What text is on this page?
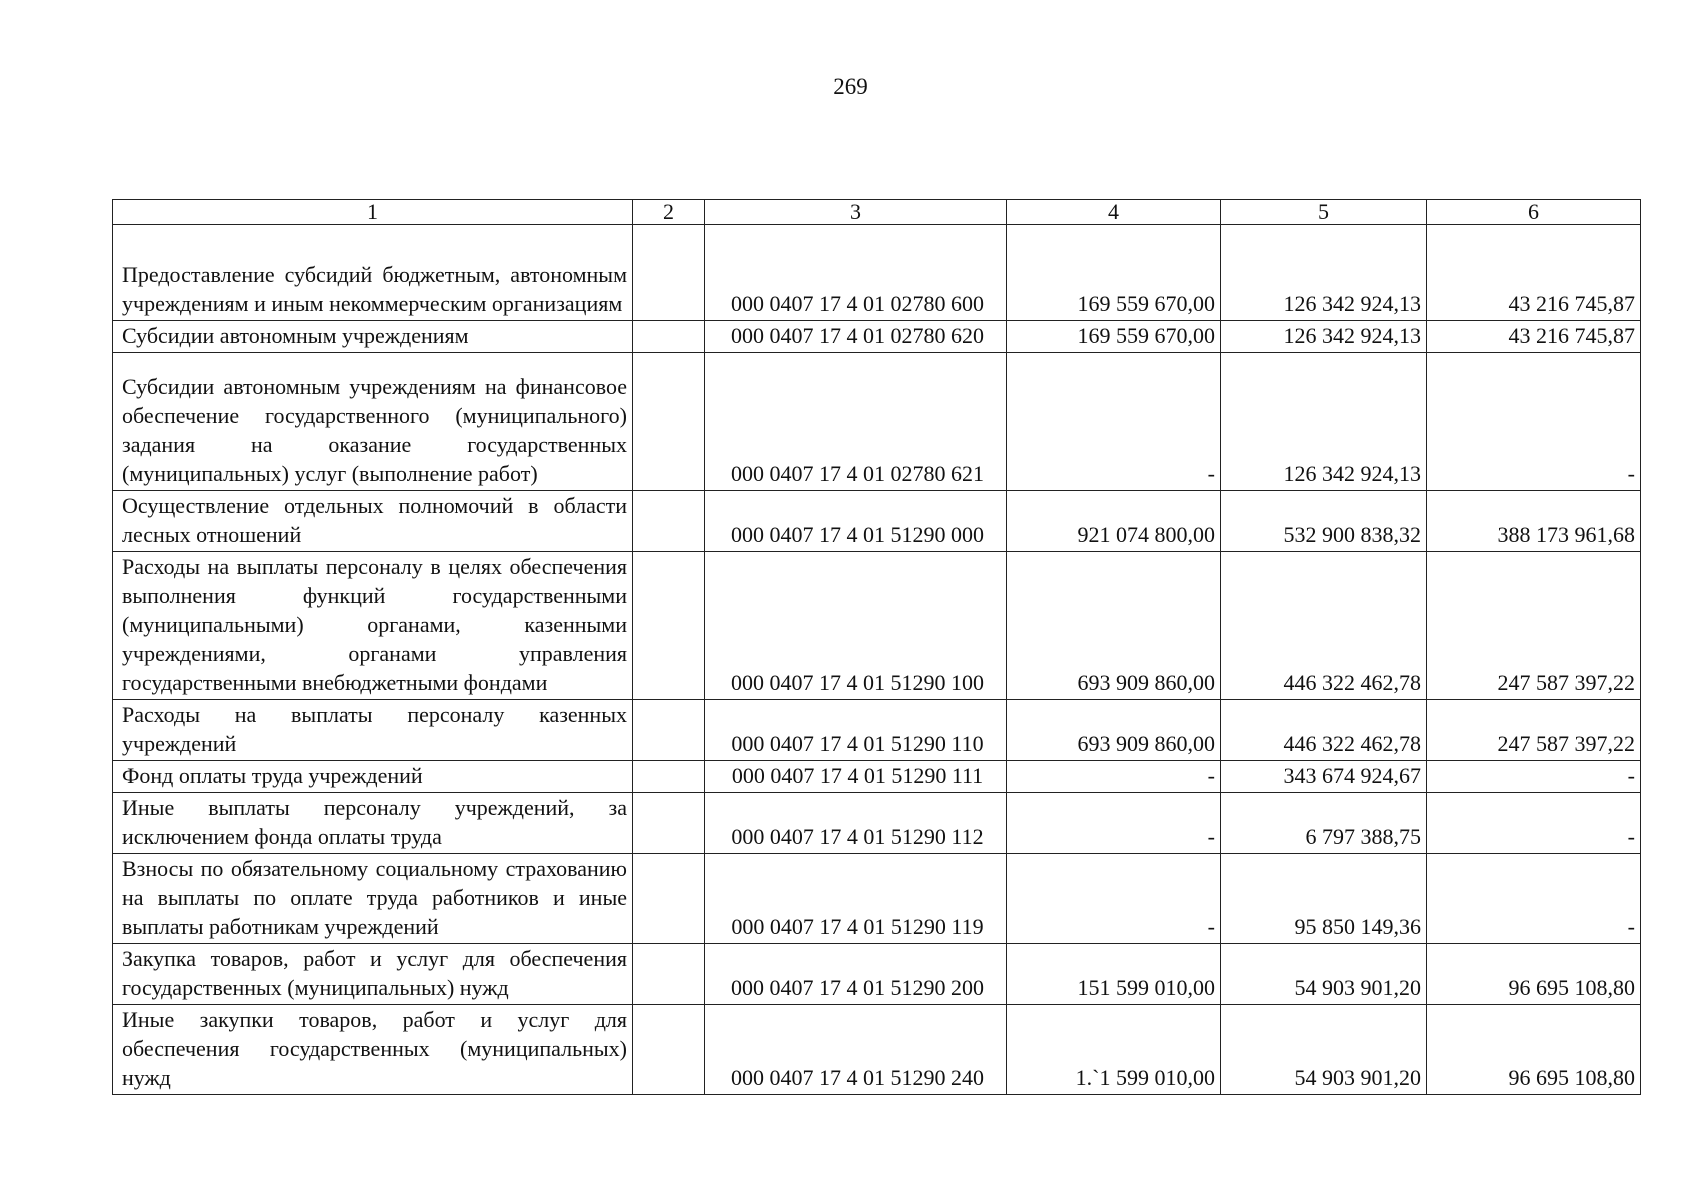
269
1	2	3	4	5	6
Предоставление субсидий бюджетным, автономным учреждениям и иным некоммерческим организациям		000 0407 17 4 01 02780 600	169 559 670,00	126 342 924,13	43 216 745,87
Субсидии автономным учреждениям		000 0407 17 4 01 02780 620	169 559 670,00	126 342 924,13	43 216 745,87
Субсидии автономным учреждениям на финансовое обеспечение государственного (муниципального) задания на оказание государственных (муниципальных) услуг (выполнение работ)		000 0407 17 4 01 02780 621	-	126 342 924,13	-
Осуществление отдельных полномочий в области лесных отношений		000 0407 17 4 01 51290 000	921 074 800,00	532 900 838,32	388 173 961,68
Расходы на выплаты персоналу в целях обеспечения выполнения функций государственными (муниципальными) органами, казенными учреждениями, органами управления государственными внебюджетными фондами		000 0407 17 4 01 51290 100	693 909 860,00	446 322 462,78	247 587 397,22
Расходы на выплаты персоналу казенных учреждений		000 0407 17 4 01 51290 110	693 909 860,00	446 322 462,78	247 587 397,22
Фонд оплаты труда учреждений		000 0407 17 4 01 51290 111	-	343 674 924,67	-
Иные выплаты персоналу учреждений, за исключением фонда оплаты труда		000 0407 17 4 01 51290 112	-	6 797 388,75	-
Взносы по обязательному социальному страхованию на выплаты по оплате труда работников и иные выплаты работникам учреждений		000 0407 17 4 01 51290 119	-	95 850 149,36	-
Закупка товаров, работ и услуг для обеспечения государственных (муниципальных) нужд		000 0407 17 4 01 51290 200	151 599 010,00	54 903 901,20	96 695 108,80
Иные закупки товаров, работ и услуг для обеспечения государственных (муниципальных) нужд		000 0407 17 4 01 51290 240	1.`1 599 010,00	54 903 901,20	96 695 108,80
